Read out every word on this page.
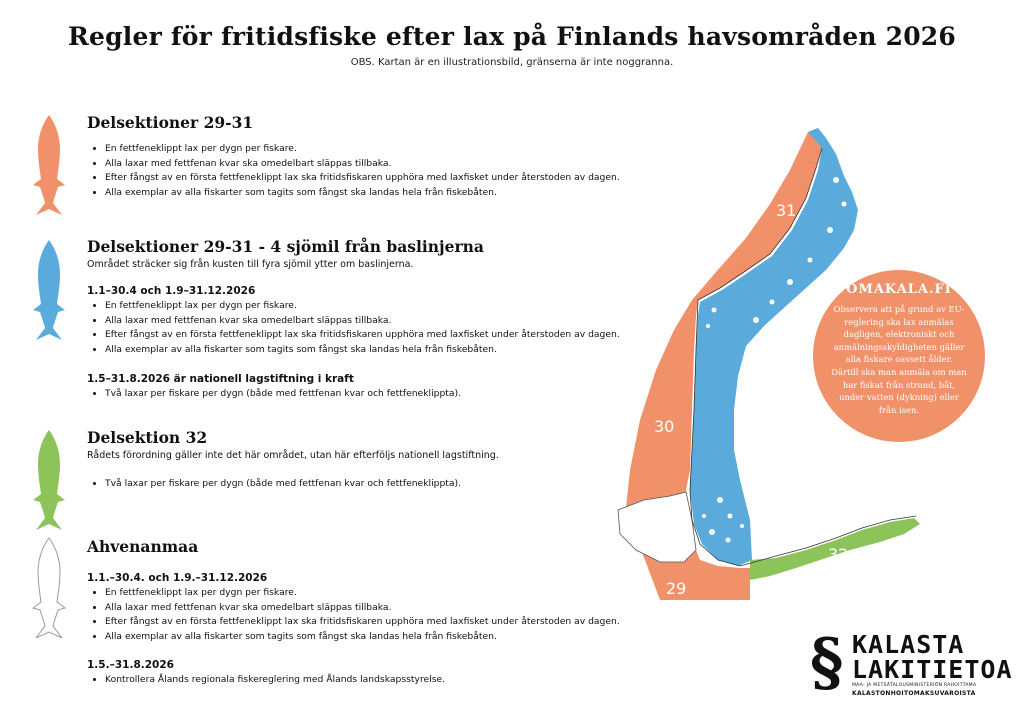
Regler för fritidsfiske efter lax på Finlands havsområden 2026
OBS. Kartan är en illustrationsbild, gränserna är inte noggranna.
Delsektioner 29-31
• En fettfeneklippt lax per dygn per fiskare.
• Alla laxar med fettfenan kvar ska omedelbart släppas tillbaka.
• Efter fångst av en första fettfeneklippt lax ska fritidsfiskaren upphöra med laxfisket under återstoden av dagen.
• Alla exemplar av alla fiskarter som tagits som fångst ska landas hela från fiskebåten.
Delsektioner 29-31 - 4 sjömil från baslinjerna

Området sträcker sig från kusten till fyra sjömil ytter om baslinjerna.

1.1–30.4 och 1.9–31.12.2026

• En fettfeneklippt lax per dygn per fiskare.
• Alla laxar med fettfenan kvar ska omedelbart släppas tillbaka.
• Efter fångst av en första fettfeneklippt lax ska fritidsfiskaren upphöra med laxfisket under återstoden av dagen.
• Alla exemplar av alla fiskarter som tagits som fångst ska landas hela från fiskebåten.

1.5–31.8.2026 är nationell lagstiftning i kraft

• Två laxar per fiskare per dygn (både med fettfenan kvar och fettfeneklippta).
Delsektion 32

Rådets förordning gäller inte det här området, utan här efterföljs nationell lagstiftning.

• Två laxar per fiskare per dygn (både med fettfenan kvar och fettfeneklippta).
Ahvenanmaa

1.1.–30.4. och 1.9.–31.12.2026

• En fettfeneklippt lax per dygn per fiskare.
• Alla laxar med fettfenan kvar ska omedelbart släppas tillbaka.
• Efter fångst av en första fettfeneklippt lax ska fritidsfiskaren upphöra med laxfisket under återstoden av dagen.
• Alla exemplar av alla fiskarter som tagits som fångst ska landas hela från fiskebåten.

1.5.–31.8.2026

• Kontrollera Ålands regionala fiskereglering med Ålands landskapsstyrelse.
31
30
29
32
OMAKALA.FI
Observera att på grund av EU-reglering ska lax anmälas dagligen, elektroniskt och anmälningsskyldigheten gäller alla fiskare oavsett ålder. Därtill ska man anmäla om man har fiskat från strand, båt, under vatten (dykning) eller från isen.
§ KALASTA
LAKITIETOA
MAA- JA METSÄTALOUSMINISTERIÖN RAHOITTAMA
KALASTONHOITOMAKSUVAROISTA
